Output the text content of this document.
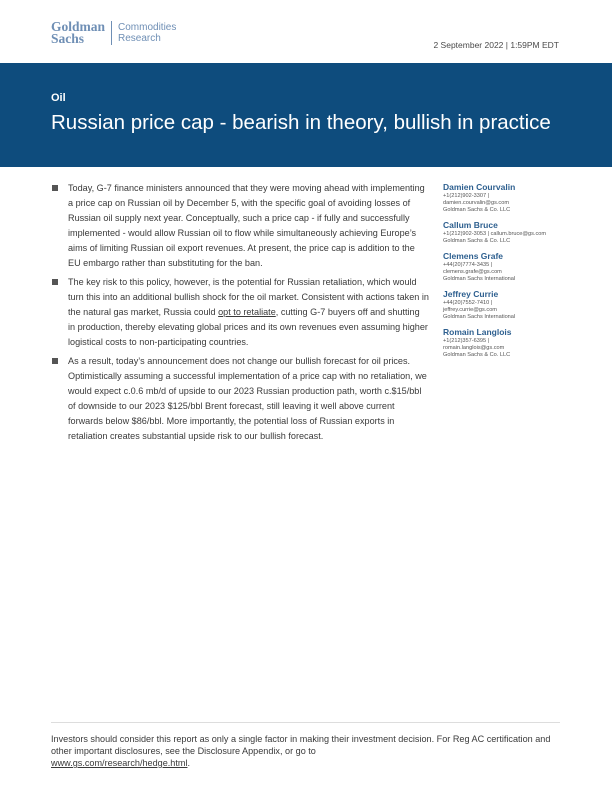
Goldman
Sachs
Commodities
Research
2 September 2022 | 1:59PM EDT
Oil
Russian price cap - bearish in theory, bullish in practice
Today, G-7 finance ministers announced that they were moving ahead with implementing a price cap on Russian oil by December 5, with the specific goal of avoiding losses of Russian oil supply next year. Conceptually, such a price cap - if fully and successfully implemented - would allow Russian oil to flow while simultaneously achieving Europe’s aims of limiting Russian oil export revenues. At present, the price cap is addition to the EU embargo rather than substituting for the ban.
The key risk to this policy, however, is the potential for Russian retaliation, which would turn this into an additional bullish shock for the oil market. Consistent with actions taken in the natural gas market, Russia could opt to retaliate, cutting G-7 buyers off and shutting in production, thereby elevating global prices and its own revenues even assuming higher logistical costs to non-participating countries.
As a result, today’s announcement does not change our bullish forecast for oil prices. Optimistically assuming a successful implementation of a price cap with no retaliation, we would expect c.0.6 mb/d of upside to our 2023 Russian production path, worth c.$15/bbl of downside to our 2023 $125/bbl Brent forecast, still leaving it well above current forwards below $86/bbl. More importantly, the potential loss of Russian exports in retaliation creates substantial upside risk to our bullish forecast.
Damien Courvalin
+1(212)902-3307 |
damien.courvalin@gs.com
Goldman Sachs & Co. LLC
Callum Bruce
+1(212)902-3053 | callum.bruce@gs.com
Goldman Sachs & Co. LLC
Clemens Grafe
+44(20)7774-3435 |
clemens.grafe@gs.com
Goldman Sachs International
Jeffrey Currie
+44(20)7552-7410 |
jeffrey.currie@gs.com
Goldman Sachs International
Romain Langlois
+1(212)357-6395 |
romain.langlois@gs.com
Goldman Sachs & Co. LLC
Investors should consider this report as only a single factor in making their investment decision. For Reg AC certification and other important disclosures, see the Disclosure Appendix, or go to
www.gs.com/research/hedge.html.
